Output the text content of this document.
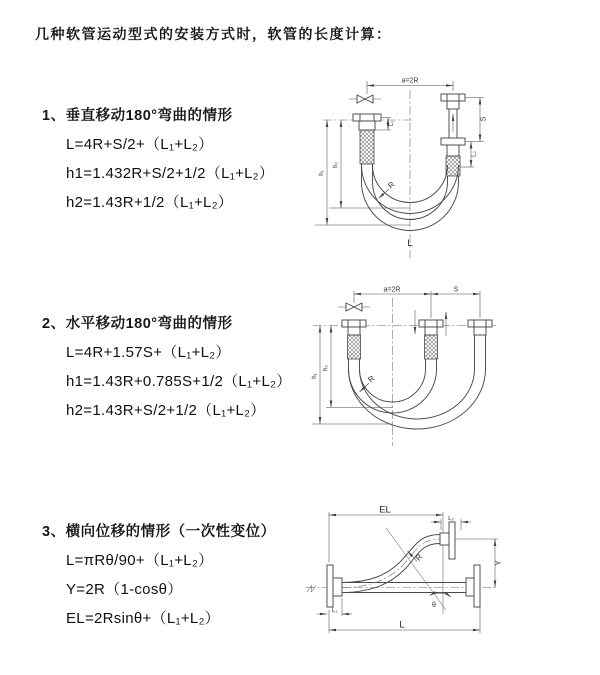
几种软管运动型式的安装方式时，软管的长度计算：
1、垂直移动180°弯曲的情形

L=4R+S/2+（L₁+L₂）

h1=1.432R+S/2+1/2（L₁+L₂）

h2=1.43R+1/2（L₁+L₂）

2、水平移动180°弯曲的情形

L=4R+1.57S+（L₁+L₂）

h1=1.43R+0.785S+1/2（L₁+L₂）

h2=1.43R+S/2+1/2（L₁+L₂）

3、横向位移的情形（一次性变位）

L=πRθ/90+（L₁+L₂）

Y=2R（1-cosθ）

EL=2Rsinθ+（L₁+L₂）

a=2R
S
L₂
L₁
h₂
h₁
R
L
a=2R	S
h₂
h₁	R
EL
L₂
R
θ
Y
L₁
L
